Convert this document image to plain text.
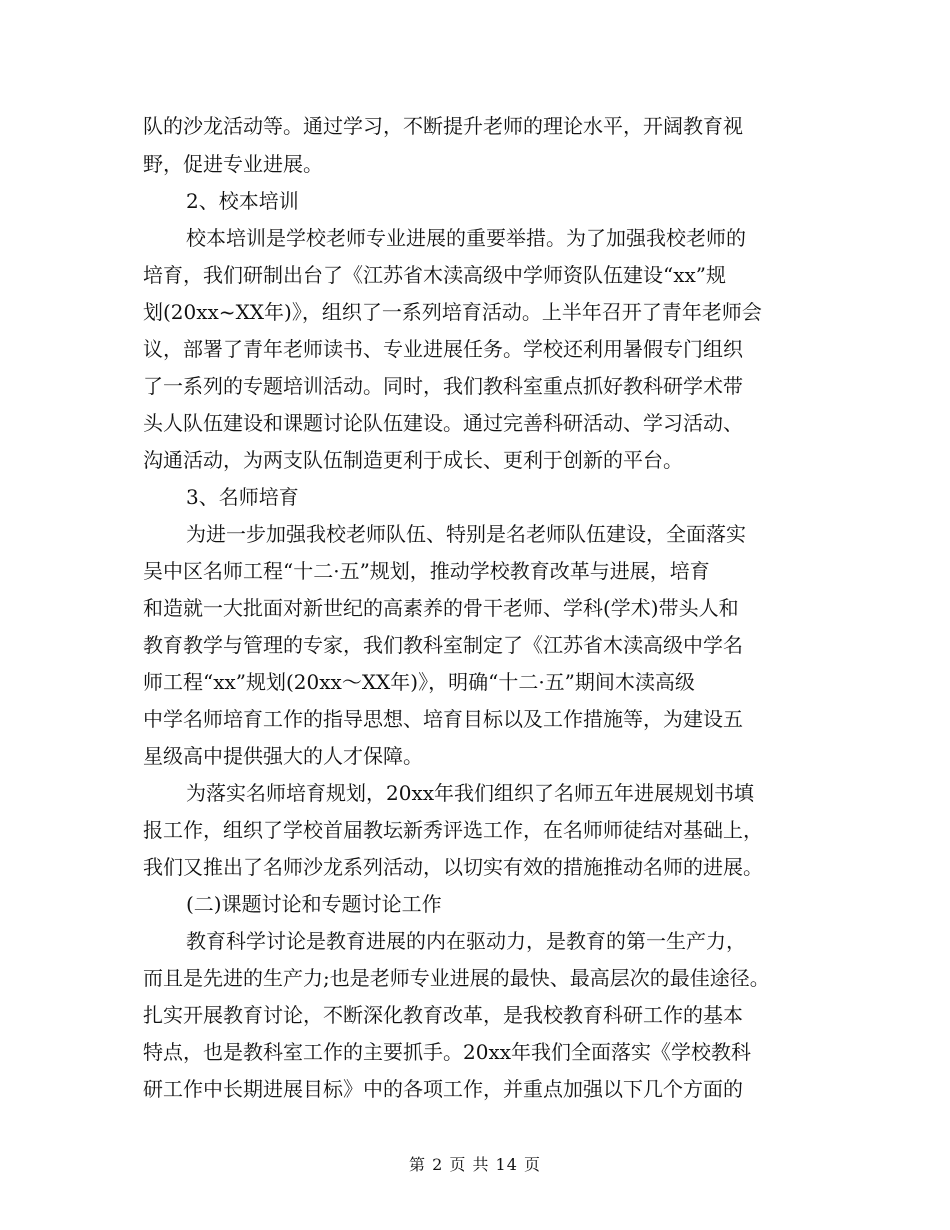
队的沙龙活动等。通过学习，不断提升老师的理论水平，开阔教育视
野，促进专业进展。
2、校本培训
校本培训是学校老师专业进展的重要举措。为了加强我校老师的
培育，我们研制出台了《江苏省木渎高级中学师资队伍建设“xx”规
划(20xx~XX年)》，组织了一系列培育活动。上半年召开了青年老师会
议，部署了青年老师读书、专业进展任务。学校还利用暑假专门组织
了一系列的专题培训活动。同时，我们教科室重点抓好教科研学术带
头人队伍建设和课题讨论队伍建设。通过完善科研活动、学习活动、
沟通活动，为两支队伍制造更利于成长、更利于创新的平台。
3、名师培育
为进一步加强我校老师队伍、特别是名老师队伍建设，全面落实
吴中区名师工程“十二·五”规划，推动学校教育改革与进展，培育
和造就一大批面对新世纪的高素养的骨干老师、学科(学术)带头人和
教育教学与管理的专家，我们教科室制定了《江苏省木渎高级中学名
师工程“xx”规划(20xx～XX年)》，明确“十二·五”期间木渎高级
中学名师培育工作的指导思想、培育目标以及工作措施等，为建设五
星级高中提供强大的人才保障。
为落实名师培育规划，20xx年我们组织了名师五年进展规划书填
报工作，组织了学校首届教坛新秀评选工作，在名师师徒结对基础上，
我们又推出了名师沙龙系列活动，以切实有效的措施推动名师的进展。
(二)课题讨论和专题讨论工作
教育科学讨论是教育进展的内在驱动力，是教育的第一生产力，
而且是先进的生产力;也是老师专业进展的最快、最高层次的最佳途径。
扎实开展教育讨论，不断深化教育改革，是我校教育科研工作的基本
特点，也是教科室工作的主要抓手。20xx年我们全面落实《学校教科
研工作中长期进展目标》中的各项工作，并重点加强以下几个方面的
第 2 页 共 14 页
